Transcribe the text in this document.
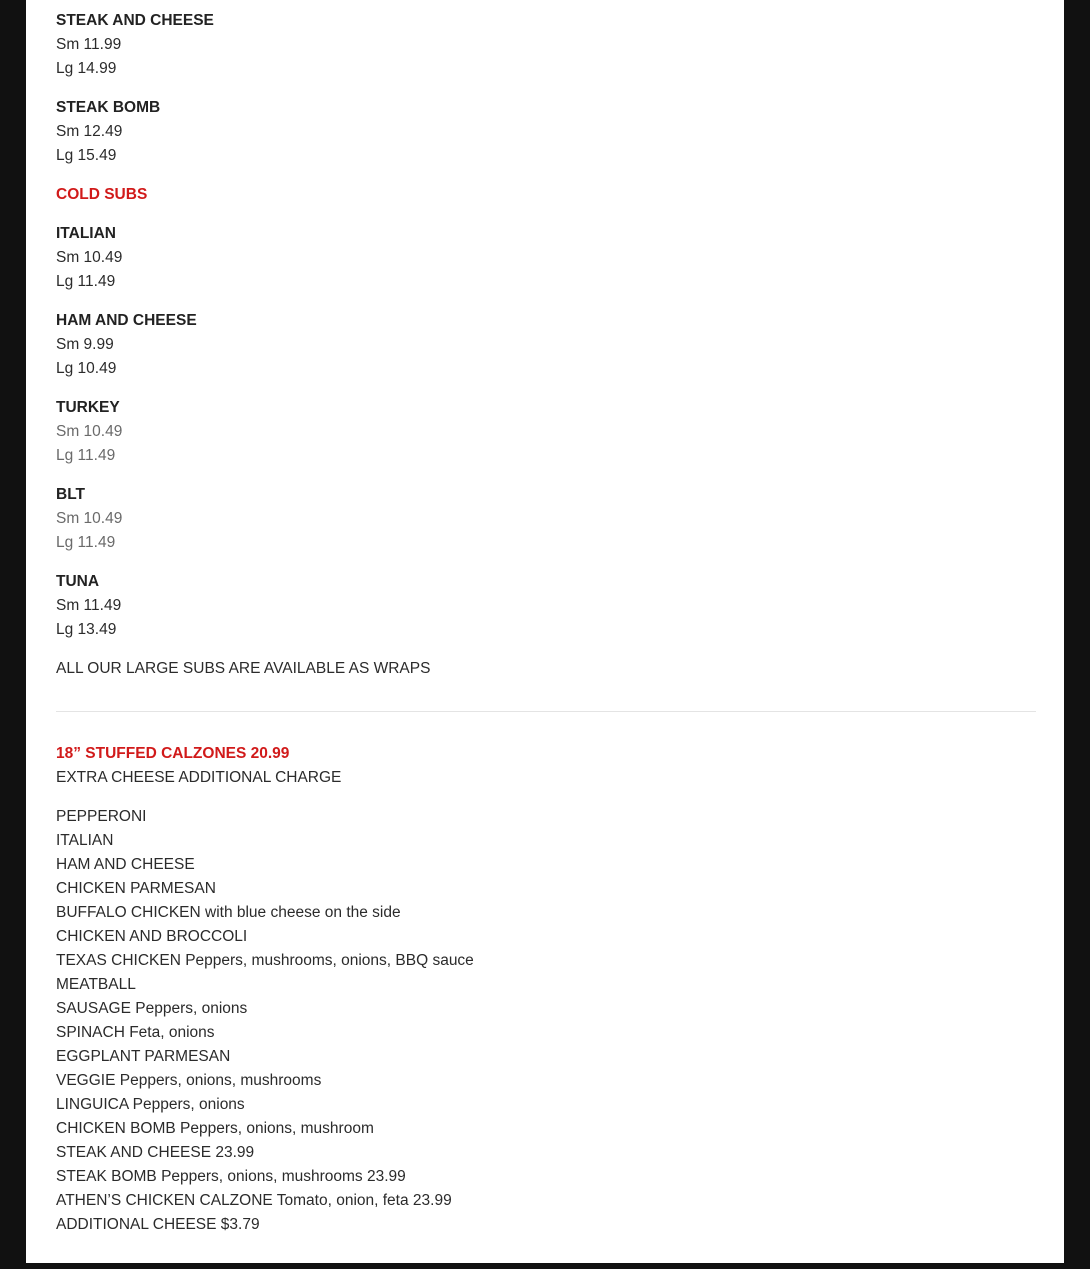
STEAK AND CHEESE
Sm 11.99
Lg 14.99
STEAK BOMB
Sm 12.49
Lg 15.49
COLD SUBS
ITALIAN
Sm 10.49
Lg 11.49
HAM AND CHEESE
Sm 9.99
Lg 10.49
TURKEY
Sm 10.49
Lg 11.49
BLT
Sm 10.49
Lg 11.49
TUNA
Sm 11.49
Lg 13.49
ALL OUR LARGE SUBS ARE AVAILABLE AS WRAPS
18” STUFFED CALZONES 20.99
EXTRA CHEESE ADDITIONAL CHARGE
PEPPERONI
ITALIAN
HAM AND CHEESE
CHICKEN PARMESAN
BUFFALO CHICKEN with blue cheese on the side
CHICKEN AND BROCCOLI
TEXAS CHICKEN Peppers, mushrooms, onions, BBQ sauce
MEATBALL
SAUSAGE Peppers, onions
SPINACH Feta, onions
EGGPLANT PARMESAN
VEGGIE Peppers, onions, mushrooms
LINGUICA Peppers, onions
CHICKEN BOMB Peppers, onions, mushroom
STEAK AND CHEESE 23.99
STEAK BOMB Peppers, onions, mushrooms 23.99
ATHEN’S CHICKEN CALZONE Tomato, onion, feta 23.99
ADDITIONAL CHEESE $3.79
